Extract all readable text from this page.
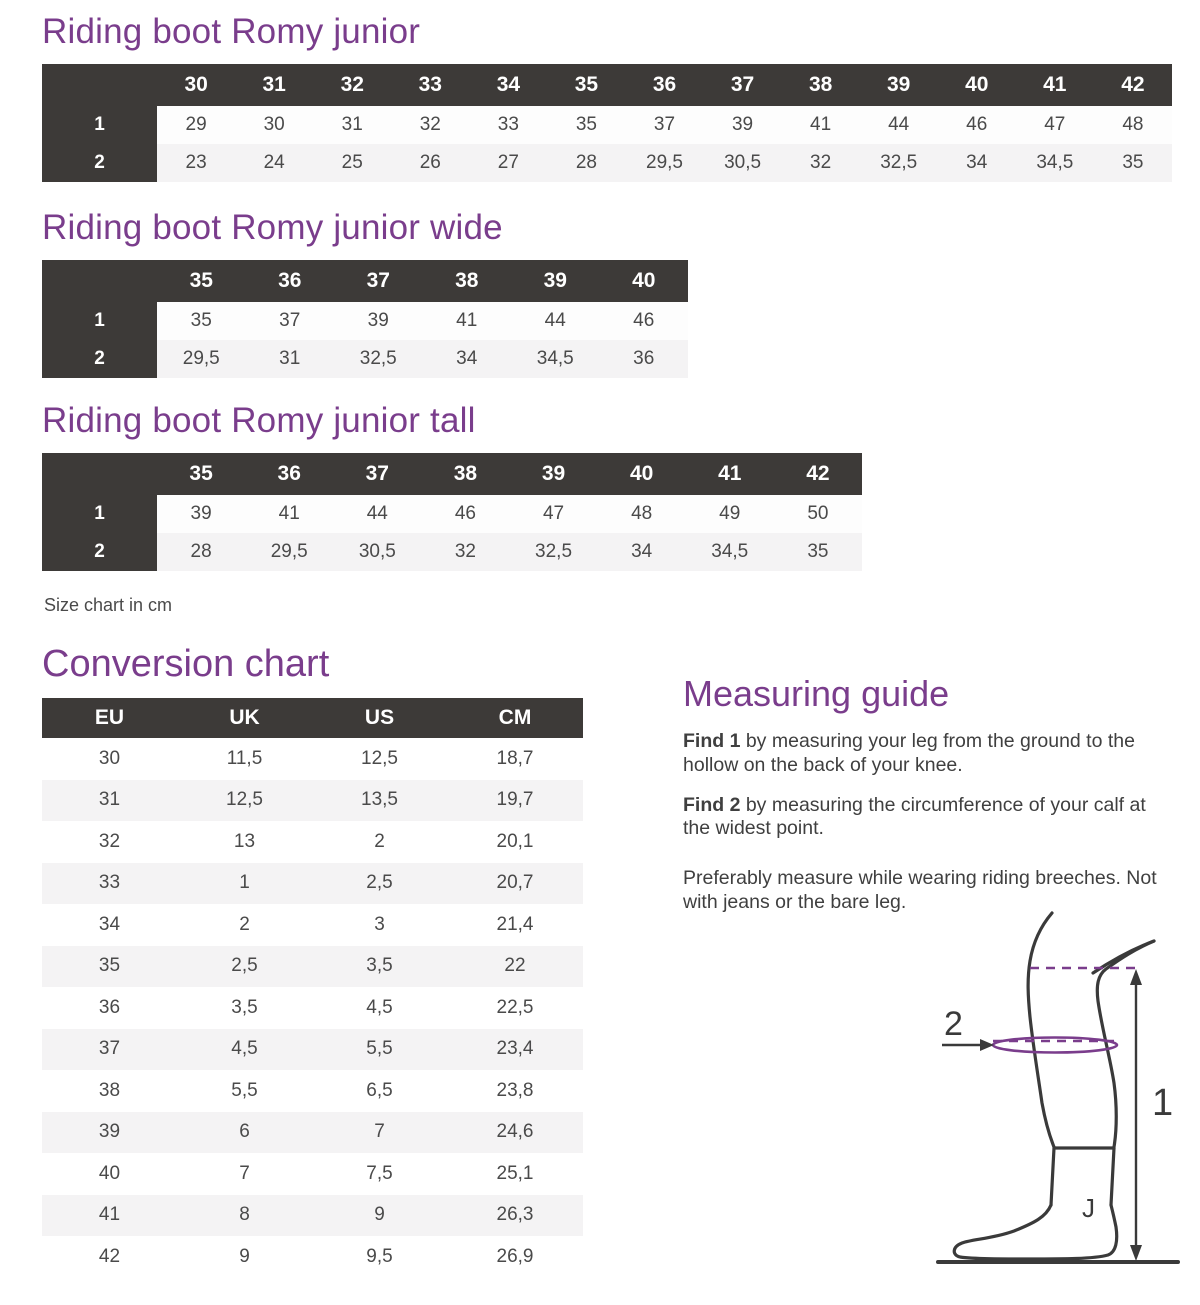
Riding boot Romy junior
	30	31	32	33	34	35	36	37	38	39	40	41	42
1	29	30	31	32	33	35	37	39	41	44	46	47	48
2	23	24	25	26	27	28	29,5	30,5	32	32,5	34	34,5	35
Riding boot Romy junior wide
	35	36	37	38	39	40
1	35	37	39	41	44	46
2	29,5	31	32,5	34	34,5	36
Riding boot Romy junior tall
	35	36	37	38	39	40	41	42
1	39	41	44	46	47	48	49	50
2	28	29,5	30,5	32	32,5	34	34,5	35
Size chart in cm
Conversion chart
EU	UK	US	CM
30	11,5	12,5	18,7
31	12,5	13,5	19,7
32	13	2	20,1
33	1	2,5	20,7
34	2	3	21,4
35	2,5	3,5	22
36	3,5	4,5	22,5
37	4,5	5,5	23,4
38	5,5	6,5	23,8
39	6	7	24,6
40	7	7,5	25,1
41	8	9	26,3
42	9	9,5	26,9
Measuring guide

Find 1 by measuring your leg from the ground to the hollow on the back of your knee.

Find 2 by measuring the circumference of your calf at the widest point.

Preferably measure while wearing riding breeches. Not with jeans or the bare leg.

J
2
1
